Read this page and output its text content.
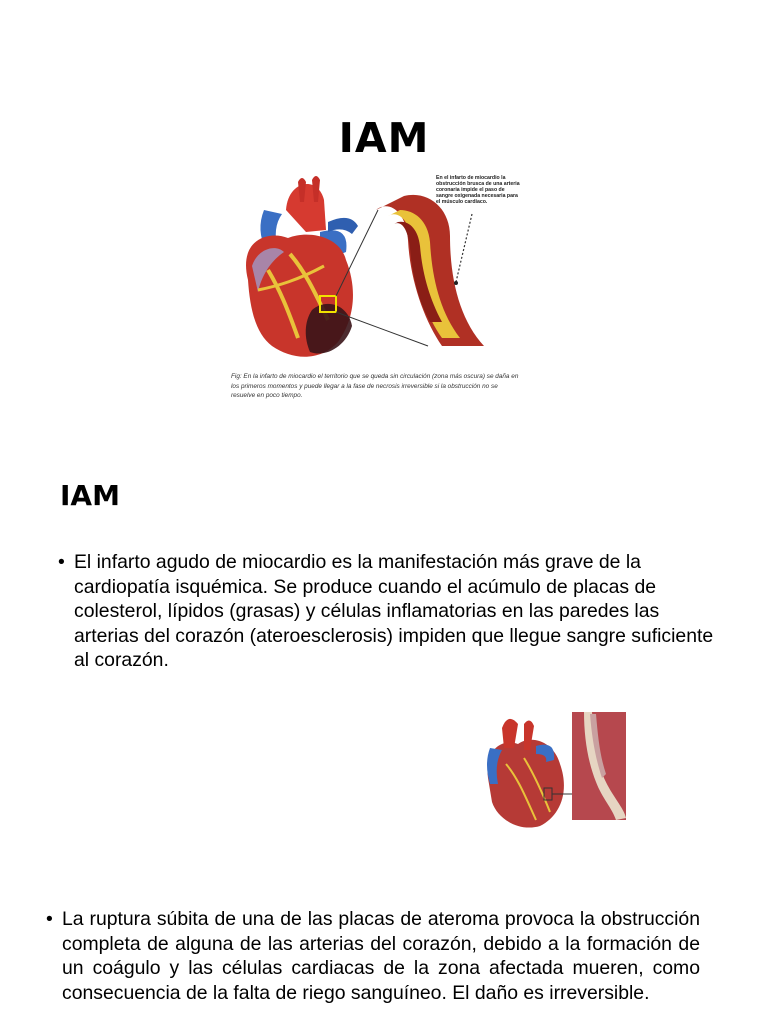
IAM
En el infarto de miocardio la obstrucción brusca de una arteria coronaria impide el paso de sangre oxigenada necesaria para el músculo cardíaco.
Fig: En la infarto de miocardio el territorio que se queda sin circulación (zona más oscura) se daña en los primeros momentos y puede llegar a la fase de necrosis irreversible si la obstrucción no se resuelve en poco tiempo.
IAM
• El infarto agudo de miocardio es la manifestación más grave de la cardiopatía isquémica. Se produce cuando el acúmulo de placas de colesterol, lípidos (grasas) y células inflamatorias en las paredes las arterias del corazón (ateroesclerosis) impiden que llegue sangre suficiente al corazón.
• La ruptura súbita de una de las placas de ateroma provoca la obstrucción completa de alguna de las arterias del corazón, debido a la formación de un coágulo y las células cardiacas de la zona afectada mueren, como consecuencia de la falta de riego sanguíneo. El daño es irreversible.
